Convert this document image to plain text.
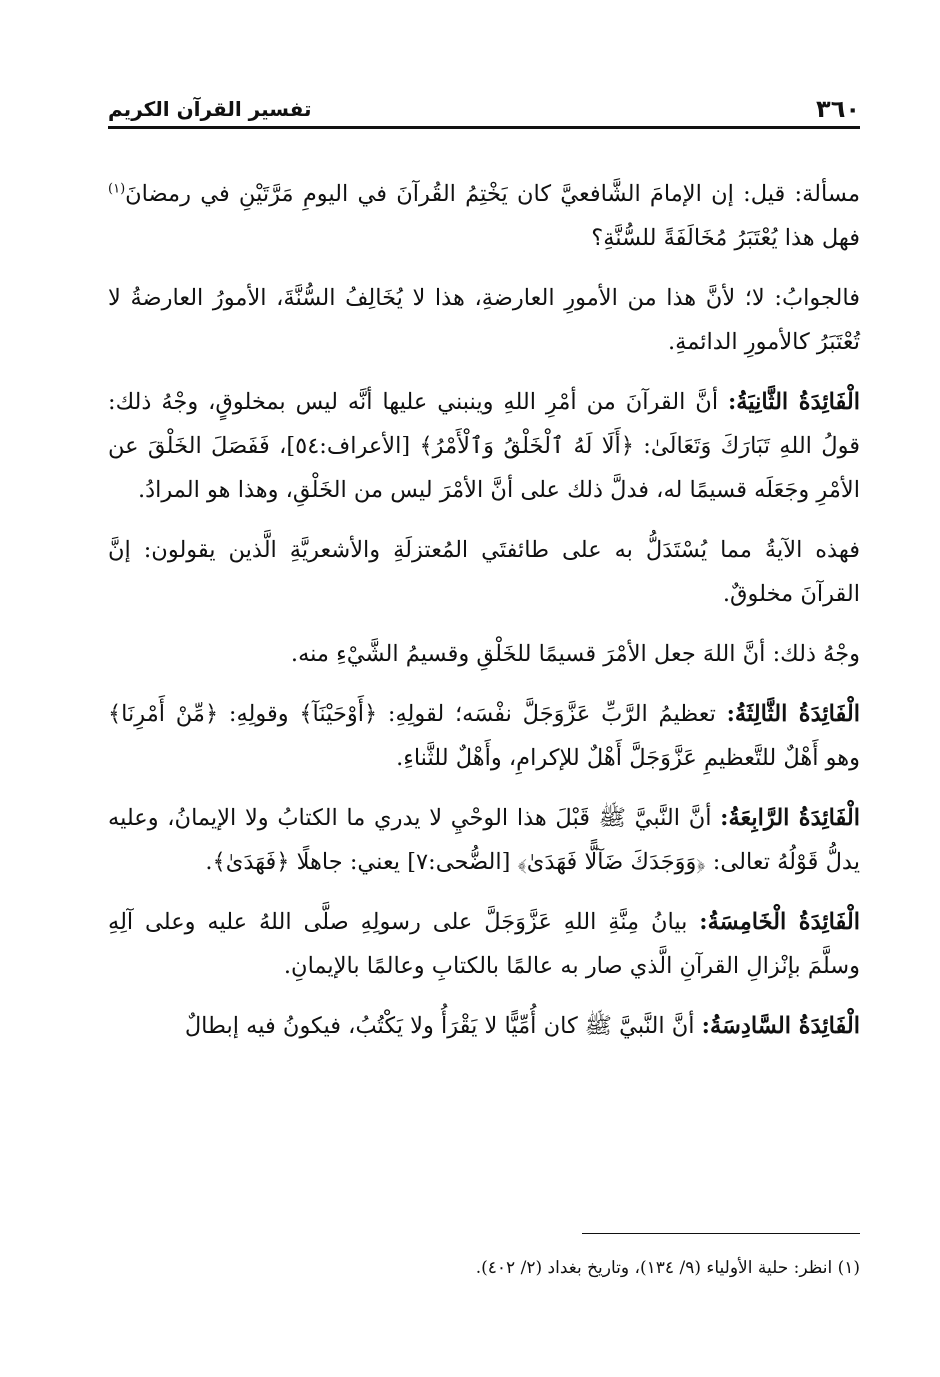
٣٦٠
تفسير القرآن الكريم

مسألة: قيل: إن الإمامَ الشَّافعيَّ كان يَخْتِمُ القُرآنَ في اليومِ مَرَّتَيْنِ في رمضانَ$^{(١)}$ فهل هذا يُعْتَبَرُ مُخَالَفَةً للسُّنَّةِ؟

فالجوابُ: لا؛ لأنَّ هذا من الأمورِ العارضةِ، هذا لا يُخَالِفُ السُّنَّةَ، الأمورُ العارضةُ لا تُعْتَبَرُ كالأمورِ الدائمةِ.

الْفَائِدَةُ الثَّانِيَةُ: أنَّ القرآنَ من أمْرِ اللهِ وينبني عليها أنَّه ليس بمخلوقٍ، وجْهُ ذلك: قولُ اللهِ تَبَارَكَ وَتَعَالَىٰ: ﴿أَلَا لَهُ ٱلْخَلْقُ وَٱلْأَمْرُ﴾ [الأعراف:٥٤]، فَفَصَلَ الخَلْقَ عن الأمْرِ وجَعَلَه قسيمًا له، فدلَّ ذلك على أنَّ الأمْرَ ليس من الخَلْقِ، وهذا هو المرادُ.

فهذه الآيةُ مما يُسْتَدَلُّ به على طائفتَي المُعتزلَةِ والأشعريَّةِ الَّذين يقولون: إنَّ القرآنَ مخلوقٌ.

وجْهُ ذلك: أنَّ اللهَ جعل الأمْرَ قسيمًا للخَلْقِ وقسيمُ الشَّيْءِ منه.

الْفَائِدَةُ الثَّالِثَةُ: تعظيمُ الرَّبِّ عَزَّوَجَلَّ نفْسَه؛ لقولِهِ: ﴿أَوْحَيْنَآ﴾ وقولِهِ: ﴿مِّنْ أَمْرِنَا﴾ وهو أَهْلٌ للتَّعظيمِ عَزَّوَجَلَّ أَهْلٌ للإكرامِ، وأَهْلٌ للثَّناءِ.

الْفَائِدَةُ الرَّابِعَةُ: أنَّ النَّبيَّ ﷺ قَبْلَ هذا الوحْيِ لا يدري ما الكتابُ ولا الإيمانُ، وعليه يدلُّ قَوْلُهُ تعالى: ﴿وَوَجَدَكَ ضَآلًّا فَهَدَىٰ﴾ [الضُّحى:٧] يعني: جاهلًا ﴿فَهَدَىٰ﴾.

الْفَائِدَةُ الْخَامِسَةُ: بيانُ مِنَّةِ اللهِ عَزَّوَجَلَّ على رسولِهِ صلَّى اللهُ عليه وعلى آلِهِ وسلَّمَ بإنْزالِ القرآنِ الَّذي صار به عالمًا بالكتابِ وعالمًا بالإيمانِ.

الْفَائِدَةُ السَّادِسَةُ: أنَّ النَّبيَّ ﷺ كان أُمِّيًّا لا يَقْرَأُ ولا يَكْتُبُ، فيكونُ فيه إبطالٌ

(١) انظر: حلية الأولياء (٩/ ١٣٤)، وتاريخ بغداد (٢/ ٤٠٢).
